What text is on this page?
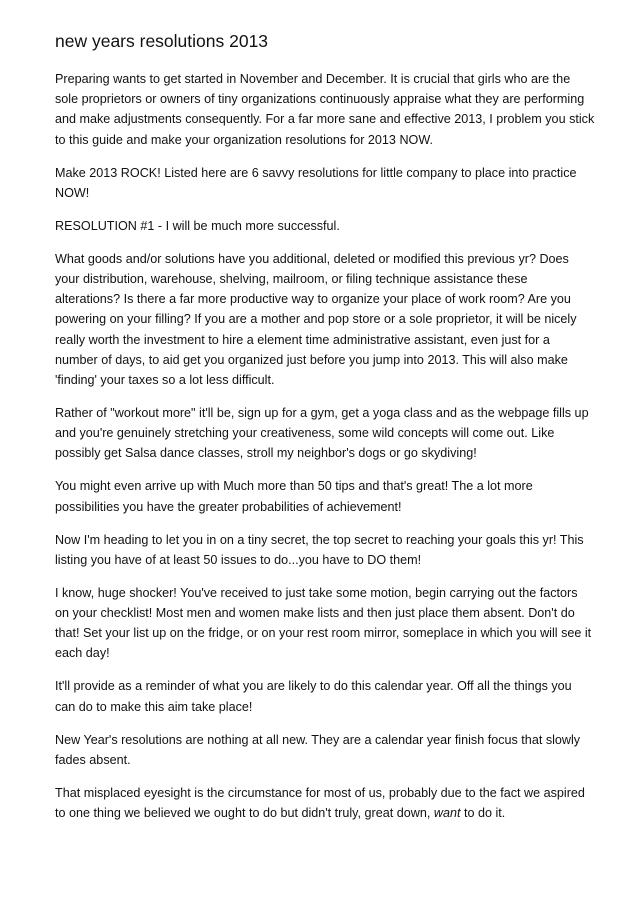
new years resolutions 2013

Preparing wants to get started in November and December. It is crucial that girls who are the sole proprietors or owners of tiny organizations continuously appraise what they are performing and make adjustments consequently. For a far more sane and effective 2013, I problem you stick to this guide and make your organization resolutions for 2013 NOW.

Make 2013 ROCK! Listed here are 6 savvy resolutions for little company to place into practice NOW!

RESOLUTION #1 - I will be much more successful.

What goods and/or solutions have you additional, deleted or modified this previous yr? Does your distribution, warehouse, shelving, mailroom, or filing technique assistance these alterations? Is there a far more productive way to organize your place of work room? Are you powering on your filling? If you are a mother and pop store or a sole proprietor, it will be nicely really worth the investment to hire a element time administrative assistant, even just for a number of days, to aid get you organized just before you jump into 2013. This will also make 'finding' your taxes so a lot less difficult.

Rather of "workout more" it'll be, sign up for a gym, get a yoga class and as the webpage fills up and you're genuinely stretching your creativeness, some wild concepts will come out. Like possibly get Salsa dance classes, stroll my neighbor's dogs or go skydiving!

You might even arrive up with Much more than 50 tips and that's great! The a lot more possibilities you have the greater probabilities of achievement!

Now I'm heading to let you in on a tiny secret, the top secret to reaching your goals this yr! This listing you have of at least 50 issues to do...you have to DO them!

I know, huge shocker! You've received to just take some motion, begin carrying out the factors on your checklist! Most men and women make lists and then just place them absent. Don't do that! Set your list up on the fridge, or on your rest room mirror, someplace in which you will see it each day!

It'll provide as a reminder of what you are likely to do this calendar year. Off all the things you can do to make this aim take place!

New Year's resolutions are nothing at all new. They are a calendar year finish focus that slowly fades absent.

That misplaced eyesight is the circumstance for most of us, probably due to the fact we aspired to one thing we believed we ought to do but didn't truly, great down, want to do it.
